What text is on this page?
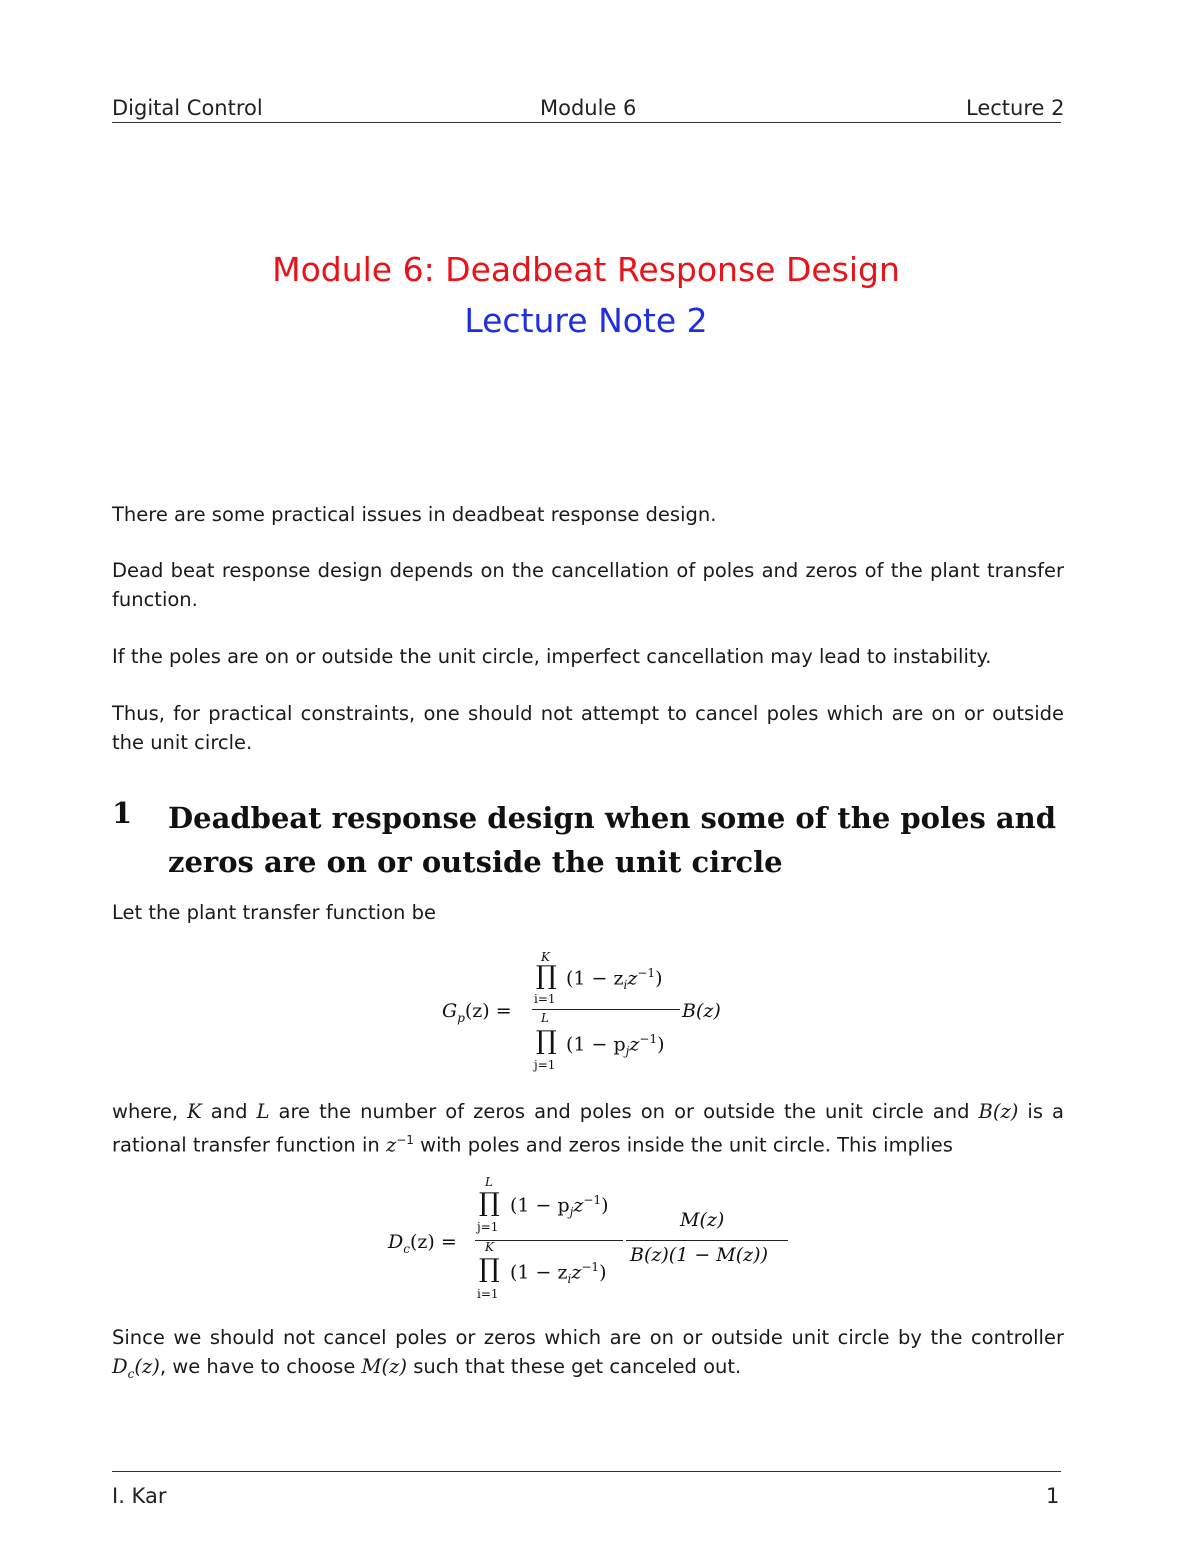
Digital Control	Module 6	Lecture 2
Module 6: Deadbeat Response Design
Lecture Note 2
There are some practical issues in deadbeat response design.
Dead beat response design depends on the cancellation of poles and zeros of the plant transfer function.
If the poles are on or outside the unit circle, imperfect cancellation may lead to instability.
Thus, for practical constraints, one should not attempt to cancel poles which are on or outside the unit circle.
1 Deadbeat response design when some of the poles and zeros are on or outside the unit circle
Let the plant transfer function be
$G_p(z)$ =
K
∏
i=1
$(1 - z_iz^{-1})$
L
∏
j=1
$(1 - p_jz^{-1})$
B(z)
where, K and L are the number of zeros and poles on or outside the unit circle and B(z) is a rational transfer function in $z^{-1}$ with poles and zeros inside the unit circle. This implies
$D_c(z)$ =
L
∏
j=1
$(1 - p_jz^{-1})$
K
∏
i=1
$(1 - z_iz^{-1})$
M(z)
B(z)(1 − M(z))
Since we should not cancel poles or zeros which are on or outside unit circle by the controller $D_c(z)$, we have to choose M(z) such that these get canceled out.
I. Kar	1
